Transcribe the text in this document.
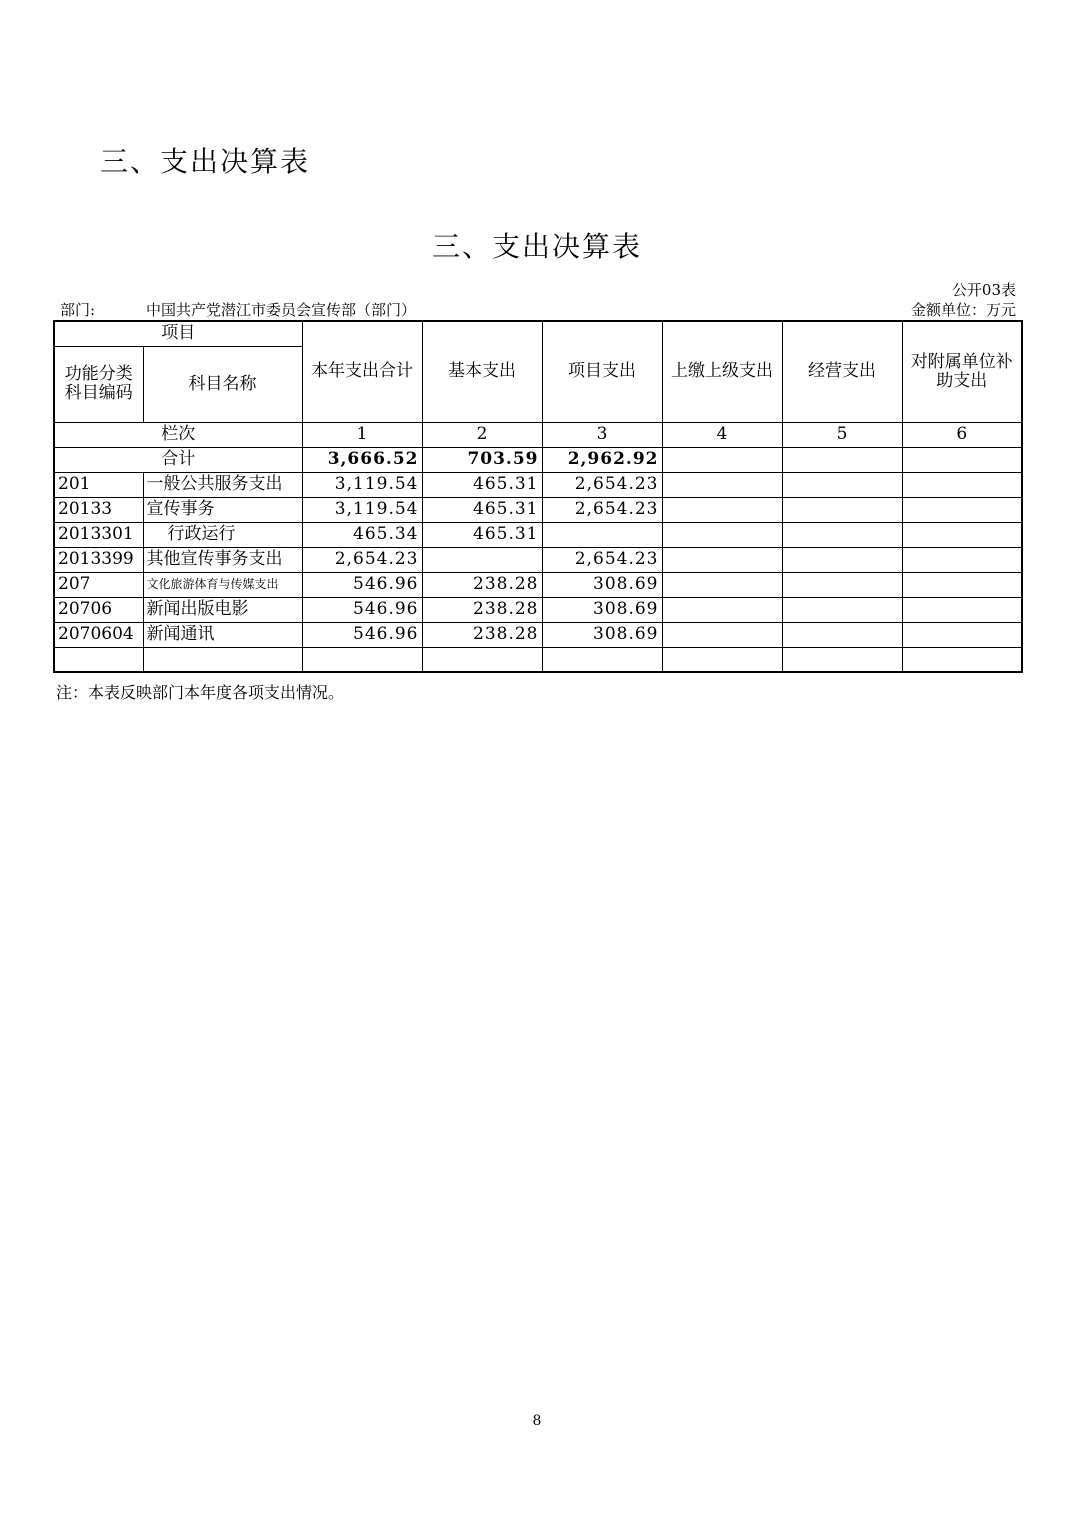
三、支出决算表
三、支出决算表
公开03表
部门:	中国共产党潜江市委员会宣传部（部门）	金额单位：万元
项目		本年支出合计	基本支出	项目支出	上缴上级支出	经营支出	对附属单位补助支出
功能分类科目编码	科目名称						
栏次		1	2	3	4	5	6
合计		3,666.52	703.59	2,962.92			
201	一般公共服务支出	3,119.54	465.31	2,654.23			
20133	宣传事务	3,119.54	465.31	2,654.23			
2013301	行政运行	465.34	465.31				
2013399	其他宣传事务支出	2,654.23		2,654.23			
207	文化旅游体育与传媒支出	546.96	238.28	308.69			
20706	新闻出版电影	546.96	238.28	308.69			
2070604	新闻通讯	546.96	238.28	308.69			

注：本表反映部门本年度各项支出情况。
8
